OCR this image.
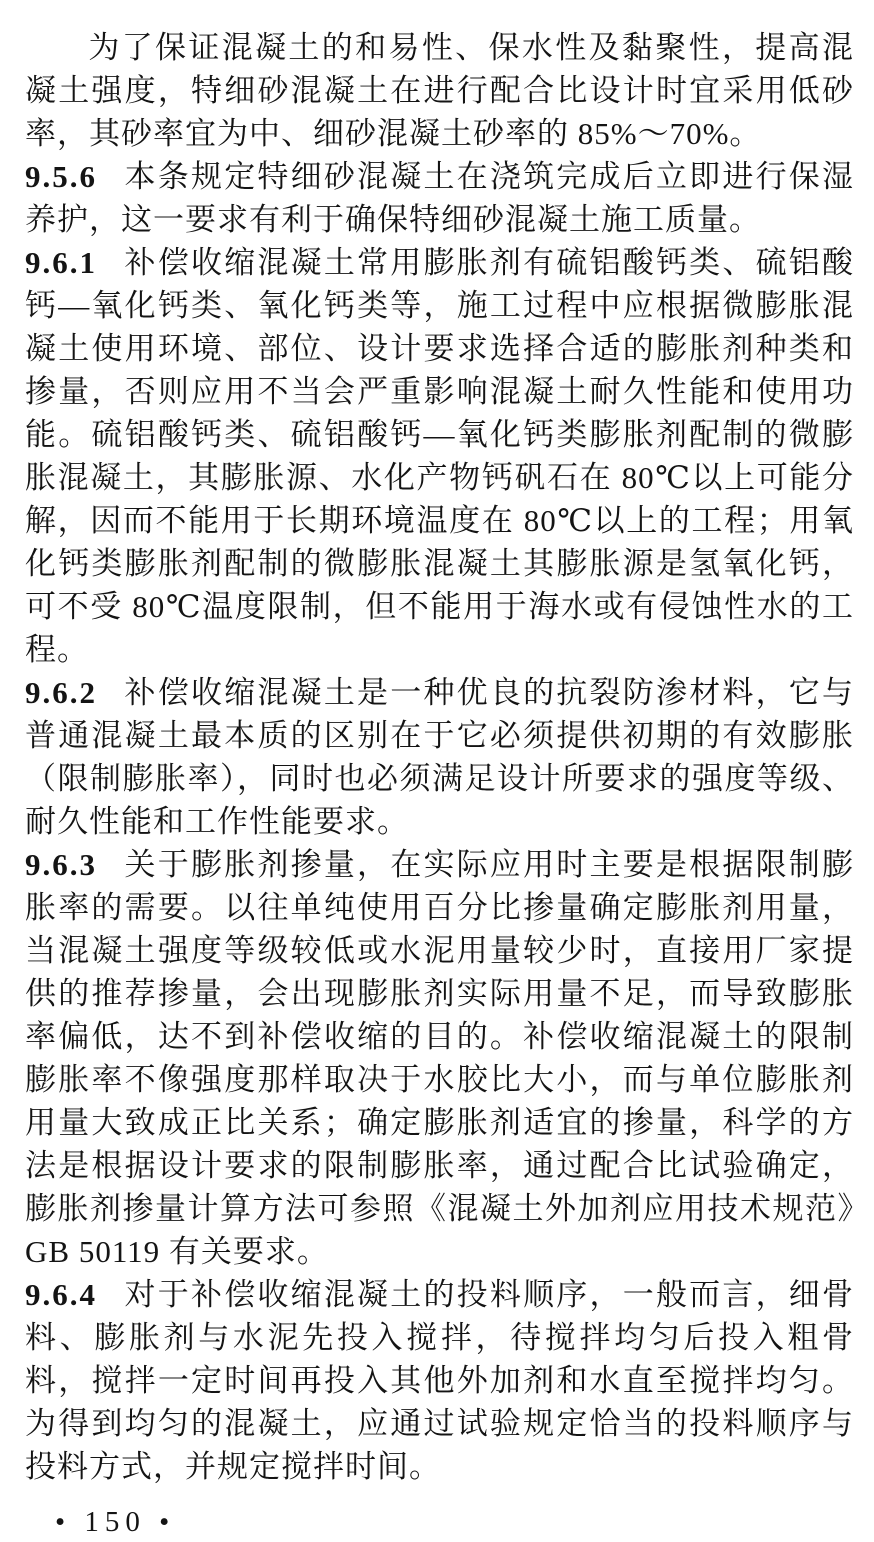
为了保证混凝土的和易性、保水性及黏聚性，提高混凝土强度，特细砂混凝土在进行配合比设计时宜采用低砂率，其砂率宜为中、细砂混凝土砂率的 85%～70%。

9.5.6 本条规定特细砂混凝土在浇筑完成后立即进行保湿养护，这一要求有利于确保特细砂混凝土施工质量。

9.6.1 补偿收缩混凝土常用膨胀剂有硫铝酸钙类、硫铝酸钙—氧化钙类、氧化钙类等，施工过程中应根据微膨胀混凝土使用环境、部位、设计要求选择合适的膨胀剂种类和掺量，否则应用不当会严重影响混凝土耐久性能和使用功能。硫铝酸钙类、硫铝酸钙—氧化钙类膨胀剂配制的微膨胀混凝土，其膨胀源、水化产物钙矾石在 80℃以上可能分解，因而不能用于长期环境温度在 80℃以上的工程；用氧化钙类膨胀剂配制的微膨胀混凝土其膨胀源是氢氧化钙，可不受 80℃温度限制，但不能用于海水或有侵蚀性水的工程。

9.6.2 补偿收缩混凝土是一种优良的抗裂防渗材料，它与普通混凝土最本质的区别在于它必须提供初期的有效膨胀（限制膨胀率），同时也必须满足设计所要求的强度等级、耐久性能和工作性能要求。

9.6.3 关于膨胀剂掺量，在实际应用时主要是根据限制膨胀率的需要。以往单纯使用百分比掺量确定膨胀剂用量，当混凝土强度等级较低或水泥用量较少时，直接用厂家提供的推荐掺量，会出现膨胀剂实际用量不足，而导致膨胀率偏低，达不到补偿收缩的目的。补偿收缩混凝土的限制膨胀率不像强度那样取决于水胶比大小，而与单位膨胀剂用量大致成正比关系；确定膨胀剂适宜的掺量，科学的方法是根据设计要求的限制膨胀率，通过配合比试验确定，膨胀剂掺量计算方法可参照《混凝土外加剂应用技术规范》GB 50119 有关要求。

9.6.4 对于补偿收缩混凝土的投料顺序，一般而言，细骨料、膨胀剂与水泥先投入搅拌，待搅拌均匀后投入粗骨料，搅拌一定时间再投入其他外加剂和水直至搅拌均匀。为得到均匀的混凝土，应通过试验规定恰当的投料顺序与投料方式，并规定搅拌时间。

• 150 •
